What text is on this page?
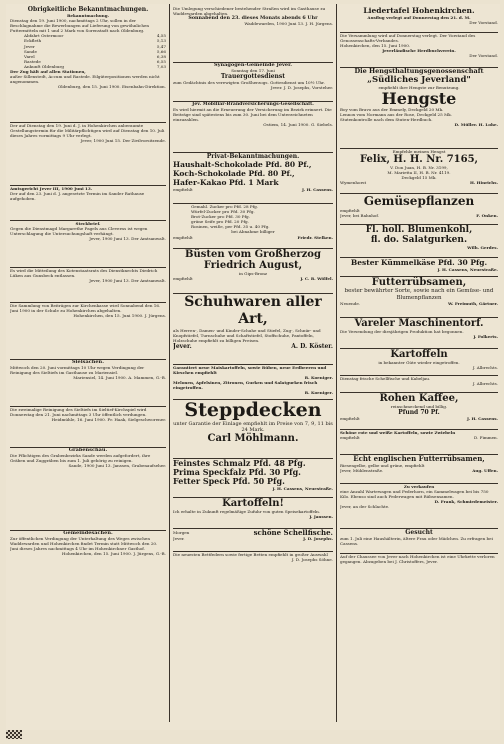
Obrigkeitliche Bekanntmachungen.
Bekanntmachung.
Dienstag den 19. Juni 1900, nachmittags 2 Uhr, sollen in der Beschlagnahme die Bewerbungen auf Lieferung von gewöhnlichen Futtermitteln mit 1 und 2 Mark von Sorenstadt nach Oldenburg.
Abfahrt Ostermoor	4,55
Eckfleth	5,13
Jever	5,47
Sande	5,66
Varel	6,38
Rastede	6,55
Ankunft Oldenburg	7,03
Der Zug hält auf allen Stationen,
außer Sillenstedt, Accum und Rastede. Eilgüterpositionen werden nicht angenommen.
Oldenburg, den 15. Juni 1900. Eisenbahn-Direktion.
Der auf Dienstag den 19. Juni d. J. in Hohenkirchen anberaumte Gestellungstermin für die Militärpflichtigen wird auf Dienstag den 10. Juli dieses Jahres vormittags 9 Uhr verlegt.
Jever, 1900 Juni 15. Der Zivilvorsitzende.
Amtsgericht Jever III, 1900 Juni 13.
Der auf den 23. Juni d. J. angesetzte Termin im Sander Rathause aufgehoben.
Steckbrief.
Gegen die Dienstmagd Margarethe Pagels aus Cleverns ist wegen Unterschlagung die Untersuchungshaft verhängt.
Jever, 1900 Juni 13. Der Amtsanwalt.
Es wird die Mitteilung des Kotenstaatsrats des Dienstknechts Diedrich Lüken aus Gunsbeck entlassen.
Jever, 1900 Juni 13. Der Amtsanwalt.
Die Sammlung von Beiträgen zur Kirchenkasse wird Sonnabend den 16. Juni 1900 in der Schule zu Hohenkirchen abgehalten.
Hohenkirchen, den 15. Juni 1900. J. Jürgens.
Sielsachen.
Mittwoch den 20. Juni vormittags 10 Uhr wegen Verdingung der Reinigung des Sieltiefs im Gasthause zu Mariensiel.
Mariensiel, 14. Juni 1900. A. Mammen, G.-B.
Die zweimalige Reinigung des Sieltiefs im Sieltief-Kirchspiel wird Donnerstag den 21. Juni nachmittags 3 Uhr öffentlich verdungen.
Heidmühle, 16. Juni 1900. Fr. Haak, Sielgeschworener.
Grabenschau.
Die Pflichtigen des Grabenbezirks Sande werden aufgefordert, ihre Gräben und Zuggräben bis zum 1. Juli gehörig zu reinigen.
Sande, 1900 Juni 13. Janssen, Grabenaufseher.
Gemeindesachen.
Zur öffentlichen Verdingung der Unterhaltung des Weges zwischen Waddewarden und Hohenkirchen findet Termin statt Mittwoch den 20. Juni dieses Jahres nachmittags 4 Uhr im Hohenkirchner Gasthof.
Hohenkirchen, den 15. Juni 1900. J. Jürgens, G.-B.
Die Umlegung verschiedener bestehender Straßen wird im Gasthause zu Waddewarden abgehalten.
Sonnabend den 23. dieses Monats abends 6 Uhr
Waddewarden, 1900 Juni 13. J. H. Jürgens.
Synagogen-Gemeinde Jever.
Sonntag den 17. Juni
Trauergottesdienst
zum Gedächtnis des verewigten Großherzogs. Gottesdienst um 10½ Uhr.
Jever. J. D. Josephs, Vorsteher.
Jev. Mobiliar-Brandversicherungs-Gesellschaft.
Es wird hiermit an die Erneuerung der Versicherung im Bezirk erinnert. Die Beiträge sind spätestens bis zum 30. Juni bei dem Unterzeichneten einzuzahlen.
Ostiem, 14. Juni 1900. G. Siebels.
Privat-Bekanntmachungen.
Haushalt-Schokolade Pfd. 80 Pf.,
Koch-Schokolade Pfd. 80 Pf.,
Hafer-Kakao Pfd. 1 Mark
empfiehlt	J. H. Cassens.
Gemahl. Zucker pro Pfd. 28 Pfg.
Würfel-Zucker pro Pfd. 30 Pfg.
Brot-Zucker pro Pfd. 30 Pfg.
grüne Seife pro Pfd. 20 Pfg.
Rosinen, weiße, per Pfd. 35 u. 40 Pfg.
bei Abnahme billiger
empfiehlt	Friedr. Stelken.
Büsten vom Großherzog
Friedrich August,
in Gips-Bronz
empfiehlt	J. C. R. Wölfel.
Schuhwaren aller Art,
als Herren-, Damen- und Kinder-Schuhe und Stiefel, Zug-, Schnür- und Knopfstiefel, Turnschuhe und Schaftstiefel, Stoffschuhe, Pantoffeln, Holzschuhe empfiehlt zu billigen Preisen.
Jever.	A. D. Köster.
Garantiert neue Maiskartoffeln, sowie Rüben, neue Erdbeeren und Kirschen empfiehlt
R. Koeniger.
Melonen, Apfelsinen, Zitronen, Gurken und Salatgurken frisch eingetroffen.
R. Koeniger.
Steppdecken
unter Garantie der Einlage empfiehlt im Preise von 7, 9, 11 bis 24 Mark.
Carl Möhlmann.
Feinstes Schmalz Pfd. 48 Pfg.
Prima Speckfalz Pfd. 30 Pfg.
Fetter Speck Pfd. 50 Pfg.
J. H. Cassens, Neuestraße.
Kartoffeln!
Ich erhalte in Zukunft regelmäßige Zufuhr von guten Speisekartoffeln.
J. Janssen.
Morgen	schöne Schellfische.
Jever.	J. D. Josephs.
Die neuesten Bettfedern sowie fertige Betten empfiehlt in großer Auswahl
J. D. Josephs Söhne.
Liedertafel Hohenkirchen.
Ausflug verlegt auf Donnerstag den 21. d. M.
Der Vorstand.
Die Versammlung wird auf Donnerstag verlegt. Der Vorstand des Genossenschafts-Verbandes.
Hohenkirchen, den 15. Juni 1900.
Jeverländische Herdbuchverein.
Der Vorstand.
Die Hengsthaltungsgenossenschaft
„Südliches Jeverland"
empfiehlt ihre Hengste zur Benutzung.
Hengste
Boy vom Bravo aus der Emmely, Deckgeld 20 Mk.
Lennox vom Normann aus der Rose, Deckgeld 25 Mk.
Stutenkontrolle nach dem Stuten-Herdbuch.
D. Müller. H. Lohe.
Empfehle meinen Hengst
Felix, H. H. Nr. 7165,
V. Don Juan, H. B. Nr. 3199,
M. Marietta II, H. B. Nr. 4119.
Deckgeld 15 Mk.
Wymenhorst	H. Hinrichs.
Gemüsepflanzen
empfiehlt
Jever, bei Bahnhof.	F. Onken.
Fl. holl. Blumenkohl,
fl. do. Salatgurken.
Wilh. Gerdes.
Bester Kümmelkäse Pfd. 30 Pfg.
J. H. Cassens, Neuestraße.
Futterrübsamen,
bester bewährter Sorte, sowie nach ein Gemüse- und Blumenpflanzen
Neuende.	W. Freimuth, Gärtner.
Vareler Maschinentorf.
Die Versendung der diesjährigen Produktion hat begonnen.
J. Folkerts.
Kartoffeln
in bekannter Güte wieder eingetroffen.
J. Albrechts.
Dienstag frische Schellfische und Kabeljau.
J. Albrechts.
Rohen Kaffee,
reinschmeckend und billig.
Pfund 70 Pf.
empfiehlt	J. H. Cassens.
Schöne rote und weiße Kartoffeln, sowie Zwiebeln
empfiehlt	D. Fimmen.
Echt englischen Futterrübsamen,
Riesengelbe, gelbe und grüne, empfiehlt
Jever, Mühlenstraße.	Aug. Uffen.
Zu verkaufen
eine Anzahl Wartewagen und Federhorn, ein Sammelwagen bei bis 750 Kilo. Ebenso sind auch Federwagen mit Rübsensamen.
D. Frank, Schmiedemeister.
Jever, an der Schlachte.
Gesucht
zum 1. Juli eine Haushälterin, ältere Frau oder Mädchen. Zu erfragen bei Cassens.
Auf der Chaussee von Jever nach Hohenkirchen ist eine Uhrkette verloren gegangen. Abzugeben bei J. Christoffers, Jever.
